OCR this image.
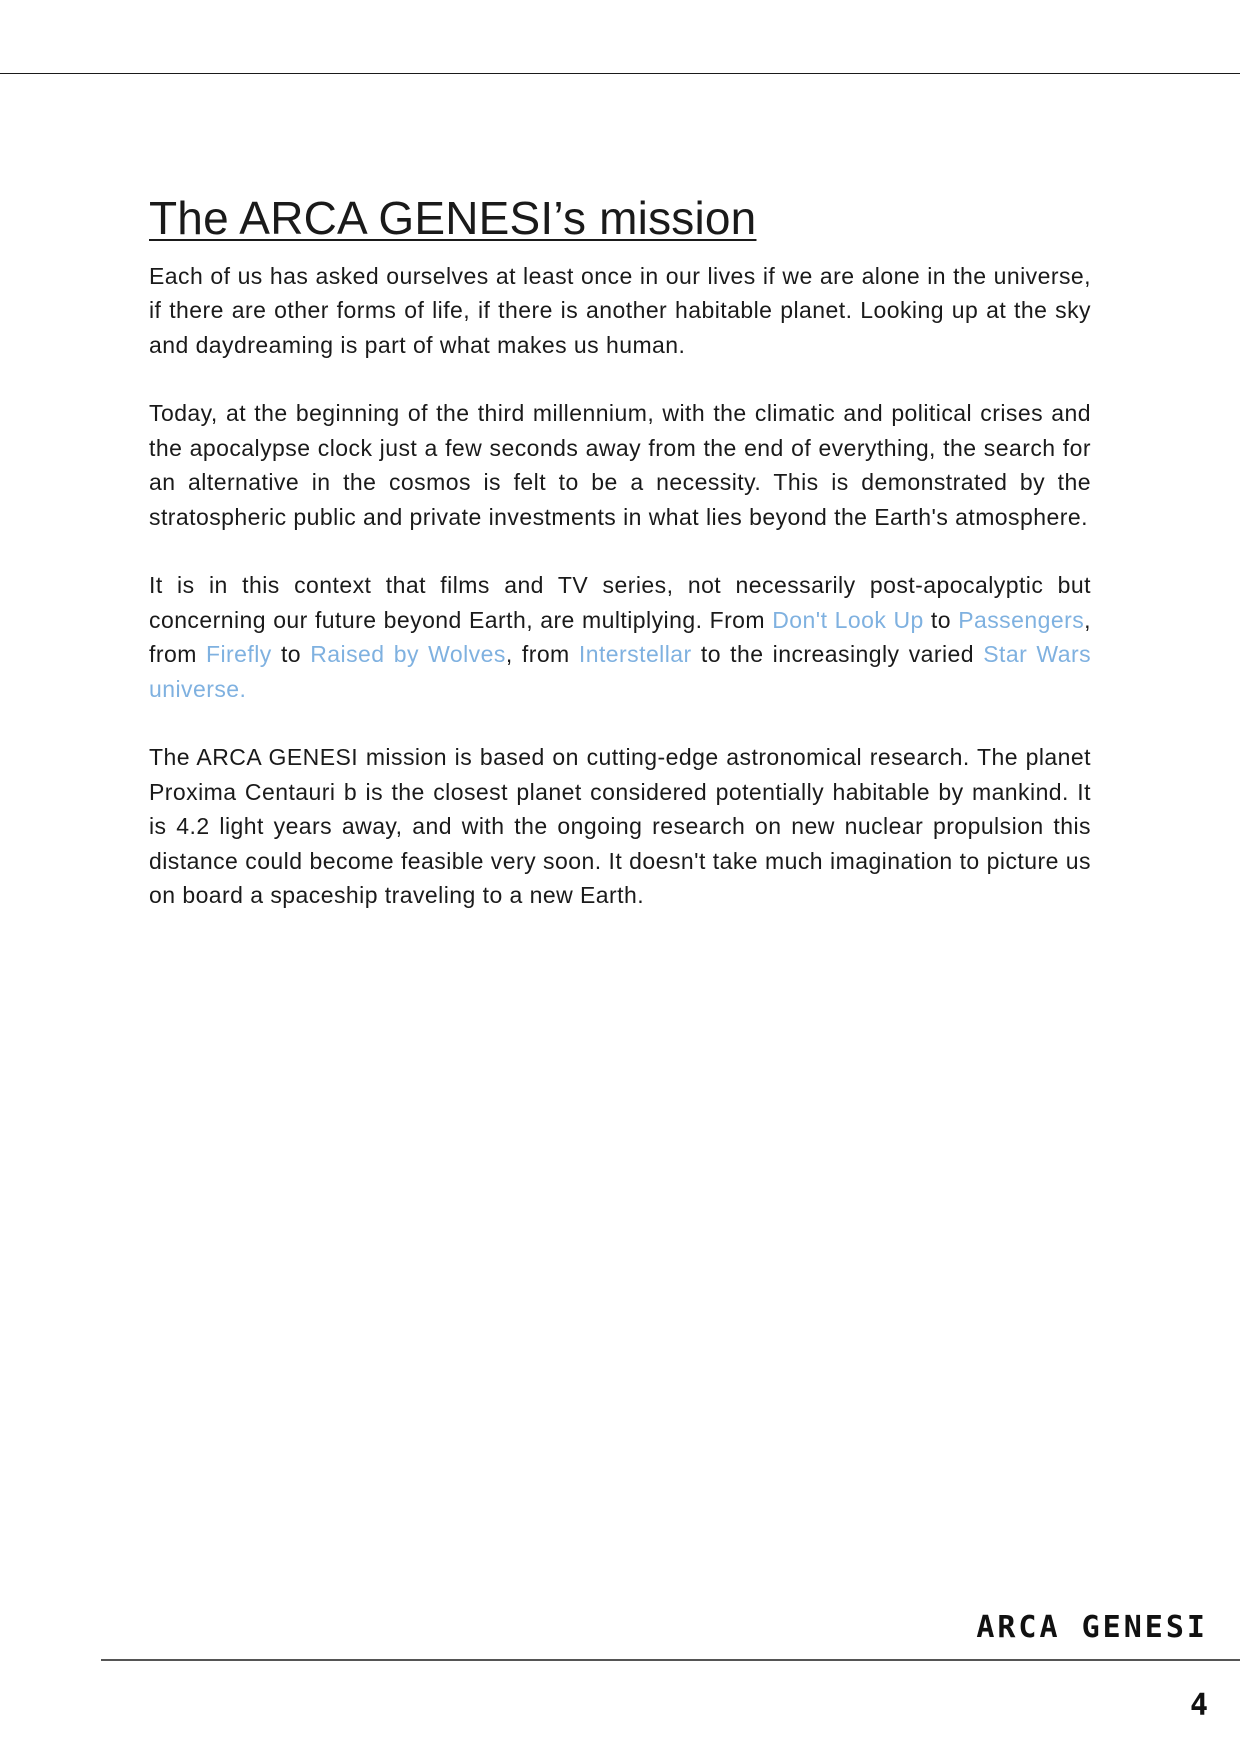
The ARCA GENESI’s mission

Each of us has asked ourselves at least once in our lives if we are alone in the universe, if there are other forms of life, if there is another habitable planet. Looking up at the sky and daydreaming is part of what makes us human.

Today, at the beginning of the third millennium, with the climatic and political crises and the apocalypse clock just a few seconds away from the end of everything, the search for an alternative in the cosmos is felt to be a necessity. This is demonstrated by the stratospheric public and private investments in what lies beyond the Earth's atmosphere.

It is in this context that films and TV series, not necessarily post-apocalyptic but concerning our future beyond Earth, are multiplying. From Don't Look Up to Passengers, from Firefly to Raised by Wolves, from Interstellar to the increasingly varied Star Wars universe.

The ARCA GENESI mission is based on cutting-edge astronomical research. The planet Proxima Centauri b is the closest planet considered potentially habitable by mankind. It is 4.2 light years away, and with the ongoing research on new nuclear propulsion this distance could become feasible very soon. It doesn't take much imagination to picture us on board a spaceship traveling to a new Earth.

ARCA GENESI
4
